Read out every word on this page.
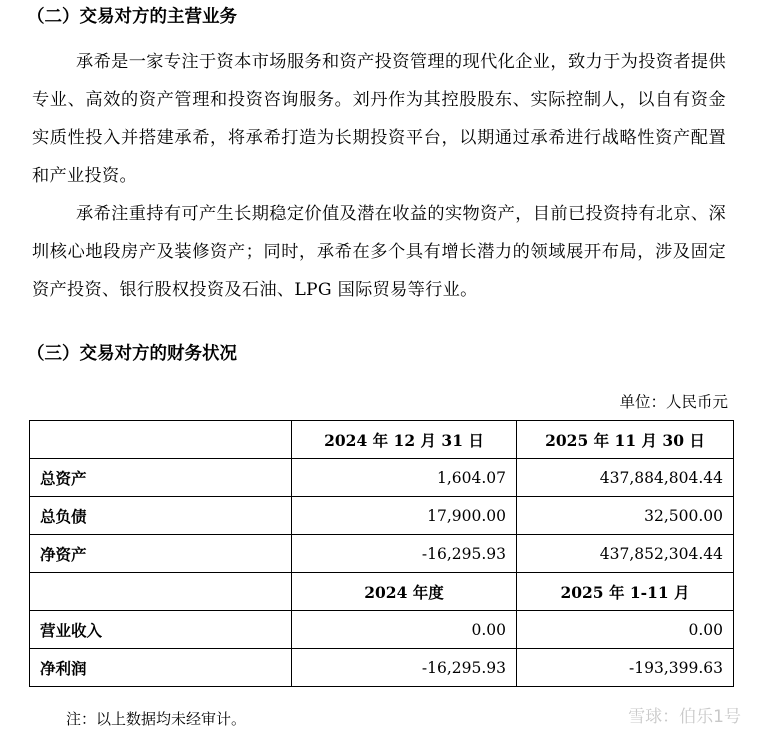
（二）交易对方的主营业务
承希是一家专注于资本市场服务和资产投资管理的现代化企业，致力于为投资者提供专业、高效的资产管理和投资咨询服务。刘丹作为其控股股东、实际控制人，以自有资金实质性投入并搭建承希，将承希打造为长期投资平台，以期通过承希进行战略性资产配置和产业投资。
承希注重持有可产生长期稳定价值及潜在收益的实物资产，目前已投资持有北京、深圳核心地段房产及装修资产；同时，承希在多个具有增长潜力的领域展开布局，涉及固定资产投资、银行股权投资及石油、LPG 国际贸易等行业。
（三）交易对方的财务状况
单位：人民币元
	2024 年 12 月 31 日	2025 年 11 月 30 日
总资产	1,604.07	437,884,804.44
总负债	17,900.00	32,500.00
净资产	-16,295.93	437,852,304.44
	2024 年度	2025 年 1-11 月
营业收入	0.00	0.00
净利润	-16,295.93	-193,399.63
注：以上数据均未经审计。	雪球：伯乐1号
